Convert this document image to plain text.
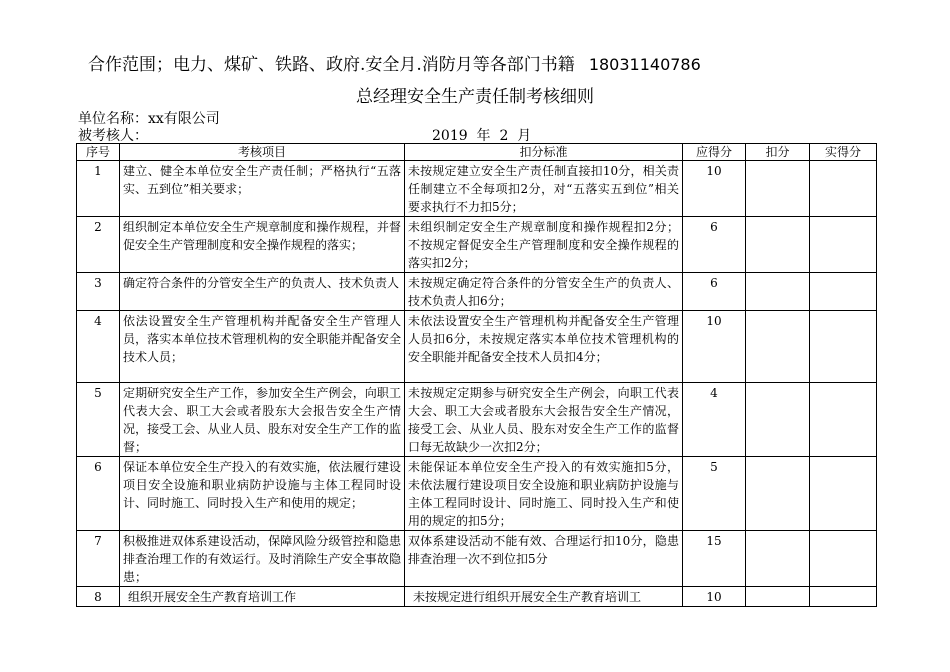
合作范围；电力、煤矿、铁路、政府.安全月.消防月等各部门书籍 18031140786
总经理安全生产责任制考核细则
单位名称：xx有限公司
被考核人：	2019 年 2 月
序号	考核项目	扣分标准	应得分	扣分	实得分
1	建立、健全本单位安全生产责任制；严格执行“五落实、五到位”相关要求；	未按规定建立安全生产责任制直接扣10分，相关责任制建立不全每项扣2分，对“五落实五到位”相关要求执行不力扣5分；	10		
2	组织制定本单位安全生产规章制度和操作规程，并督促安全生产管理制度和安全操作规程的落实；	未组织制定安全生产规章制度和操作规程扣2分；不按规定督促安全生产管理制度和安全操作规程的落实扣2分；	6		
3	确定符合条件的分管安全生产的负责人、技术负责人	未按规定确定符合条件的分管安全生产的负责人、技术负责人扣6分；	6		
4	依法设置安全生产管理机构并配备安全生产管理人员，落实本单位技术管理机构的安全职能并配备安全技术人员；	未依法设置安全生产管理机构并配备安全生产管理人员扣6分，未按规定落实本单位技术管理机构的安全职能并配备安全技术人员扣4分；	10		
5	定期研究安全生产工作，参加安全生产例会，向职工代表大会、职工大会或者股东大会报告安全生产情况，接受工会、从业人员、股东对安全生产工作的监督；	未按规定定期参与研究安全生产例会，向职工代表大会、职工大会或者股东大会报告安全生产情况，接受工会、从业人员、股东对安全生产工作的监督口每无故缺少一次扣2分；	4		
6	保证本单位安全生产投入的有效实施，依法履行建设项目安全设施和职业病防护设施与主体工程同时设计、同时施工、同时投入生产和使用的规定；	未能保证本单位安全生产投入的有效实施扣5分，未依法履行建设项目安全设施和职业病防护设施与主体工程同时设计、同时施工、同时投入生产和使用的规定的扣5分；	5		
7	积极推进双体系建设活动，保障风险分级管控和隐患排查治理工作的有效运行。及时消除生产安全事故隐患；	双体系建设活动不能有效、合理运行扣10分，隐患排查治理一次不到位扣5分	15		
8	组织开展安全生产教育培训工作	未按规定进行组织开展安全生产教育培训工	10		
